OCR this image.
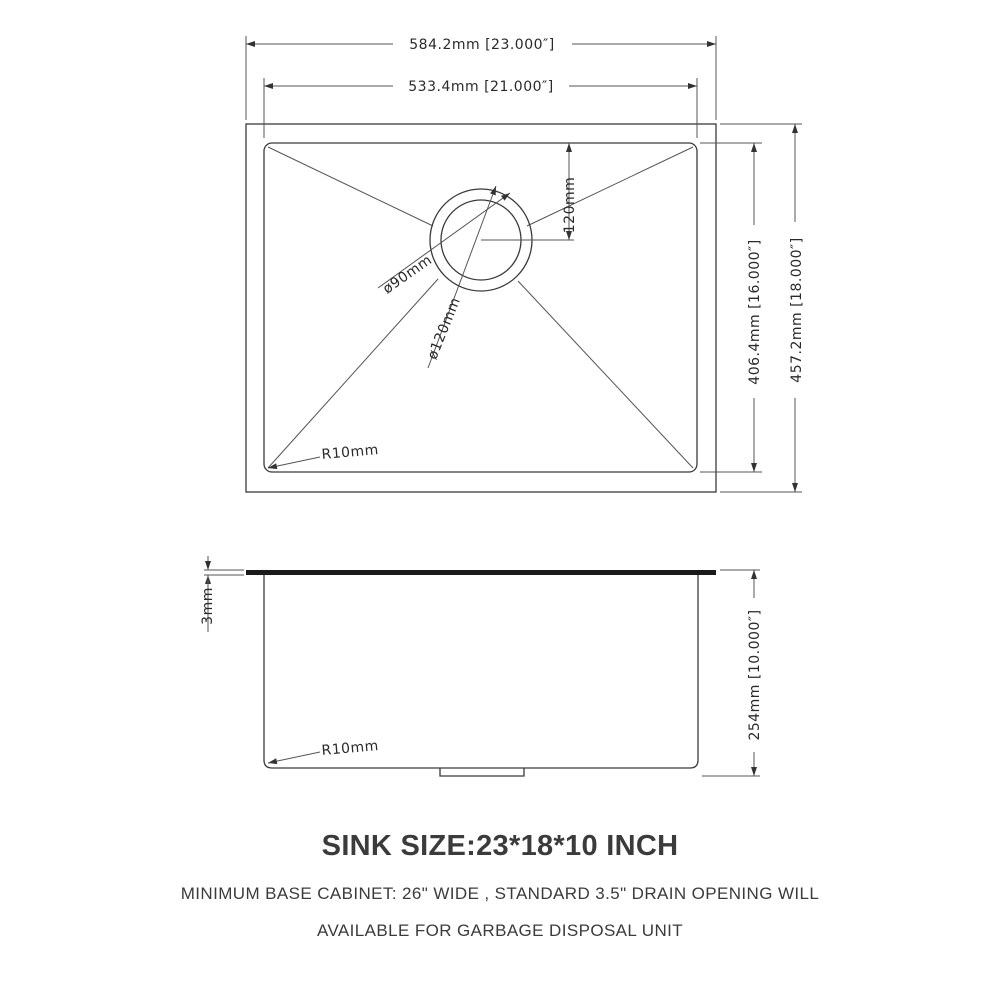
584.2mm [23.000″]
533.4mm [21.000″]
406.4mm [16.000″] 457.2mm [18.000″]
120mm
ø90mm
ø120mm
R10mm
3mm
254mm [10.000″]
R10mm
SINK SIZE:23*18*10 INCH
MINIMUM BASE CABINET: 26" WIDE , STANDARD 3.5" DRAIN OPENING WILL
AVAILABLE FOR GARBAGE DISPOSAL UNIT
